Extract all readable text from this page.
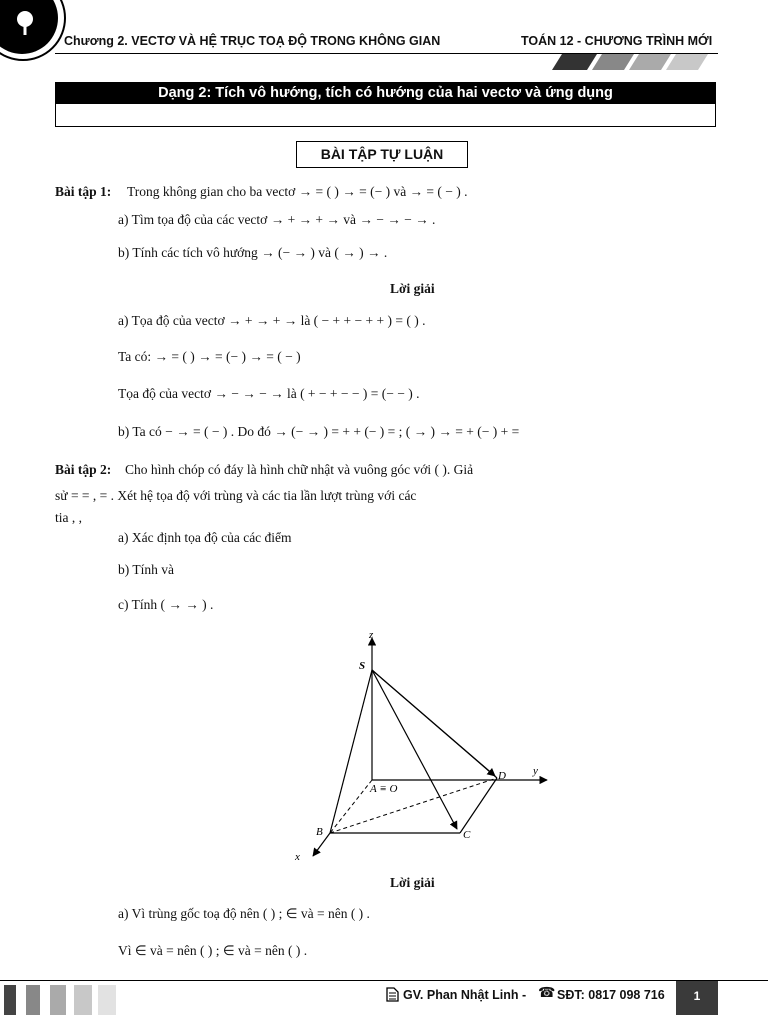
Chương 2. VECTƠ VÀ HỆ TRỤC TOẠ ĐỘ TRONG KHÔNG GIAN	TOÁN 12 - CHƯƠNG TRÌNH MỚI
Dạng 2: Tích vô hướng, tích có hướng của hai vectơ và ứng dụng
BÀI TẬP TỰ LUẬN
Bài tập 1: Trong không gian cho ba vectơ → = ( ) → = (− ) và → = ( − ) .
a) Tìm tọa độ của các vectơ → + → + → và → − → − → .
b) Tính các tích vô hướng → (− → ) và ( → ) → .
Lời giải
a) Tọa độ của vectơ → + → + → là ( − + + − + + ) = ( ) .
Ta có: → = ( ) → = (− ) → = ( − )
Tọa độ của vectơ → − → − → là ( + − + − − ) = (− − ) .
b) Ta có − → = ( − ) . Do đó → (− → ) = + + (− ) = ; ( → ) → = + (− ) + =
Bài tập 2: Cho hình chóp có đáy là hình chữ nhật và vuông góc với ( ). Giả
sử = = , = . Xét hệ tọa độ với trùng và các tia lần lượt trùng với các
tia , ,
a) Xác định tọa độ của các điểm
b) Tính và
c) Tính ( → → ) .
z
S
y
D
A ≡ O
B	C
x
Lời giải
a) Vì trùng gốc toạ độ nên ( ) ; ∈ và = nên ( ) .
Vì ∈ và = nên ( ) ; ∈ và = nên ( ) .
GV. Phan Nhật Linh - ☎ SĐT: 0817 098 716	1
